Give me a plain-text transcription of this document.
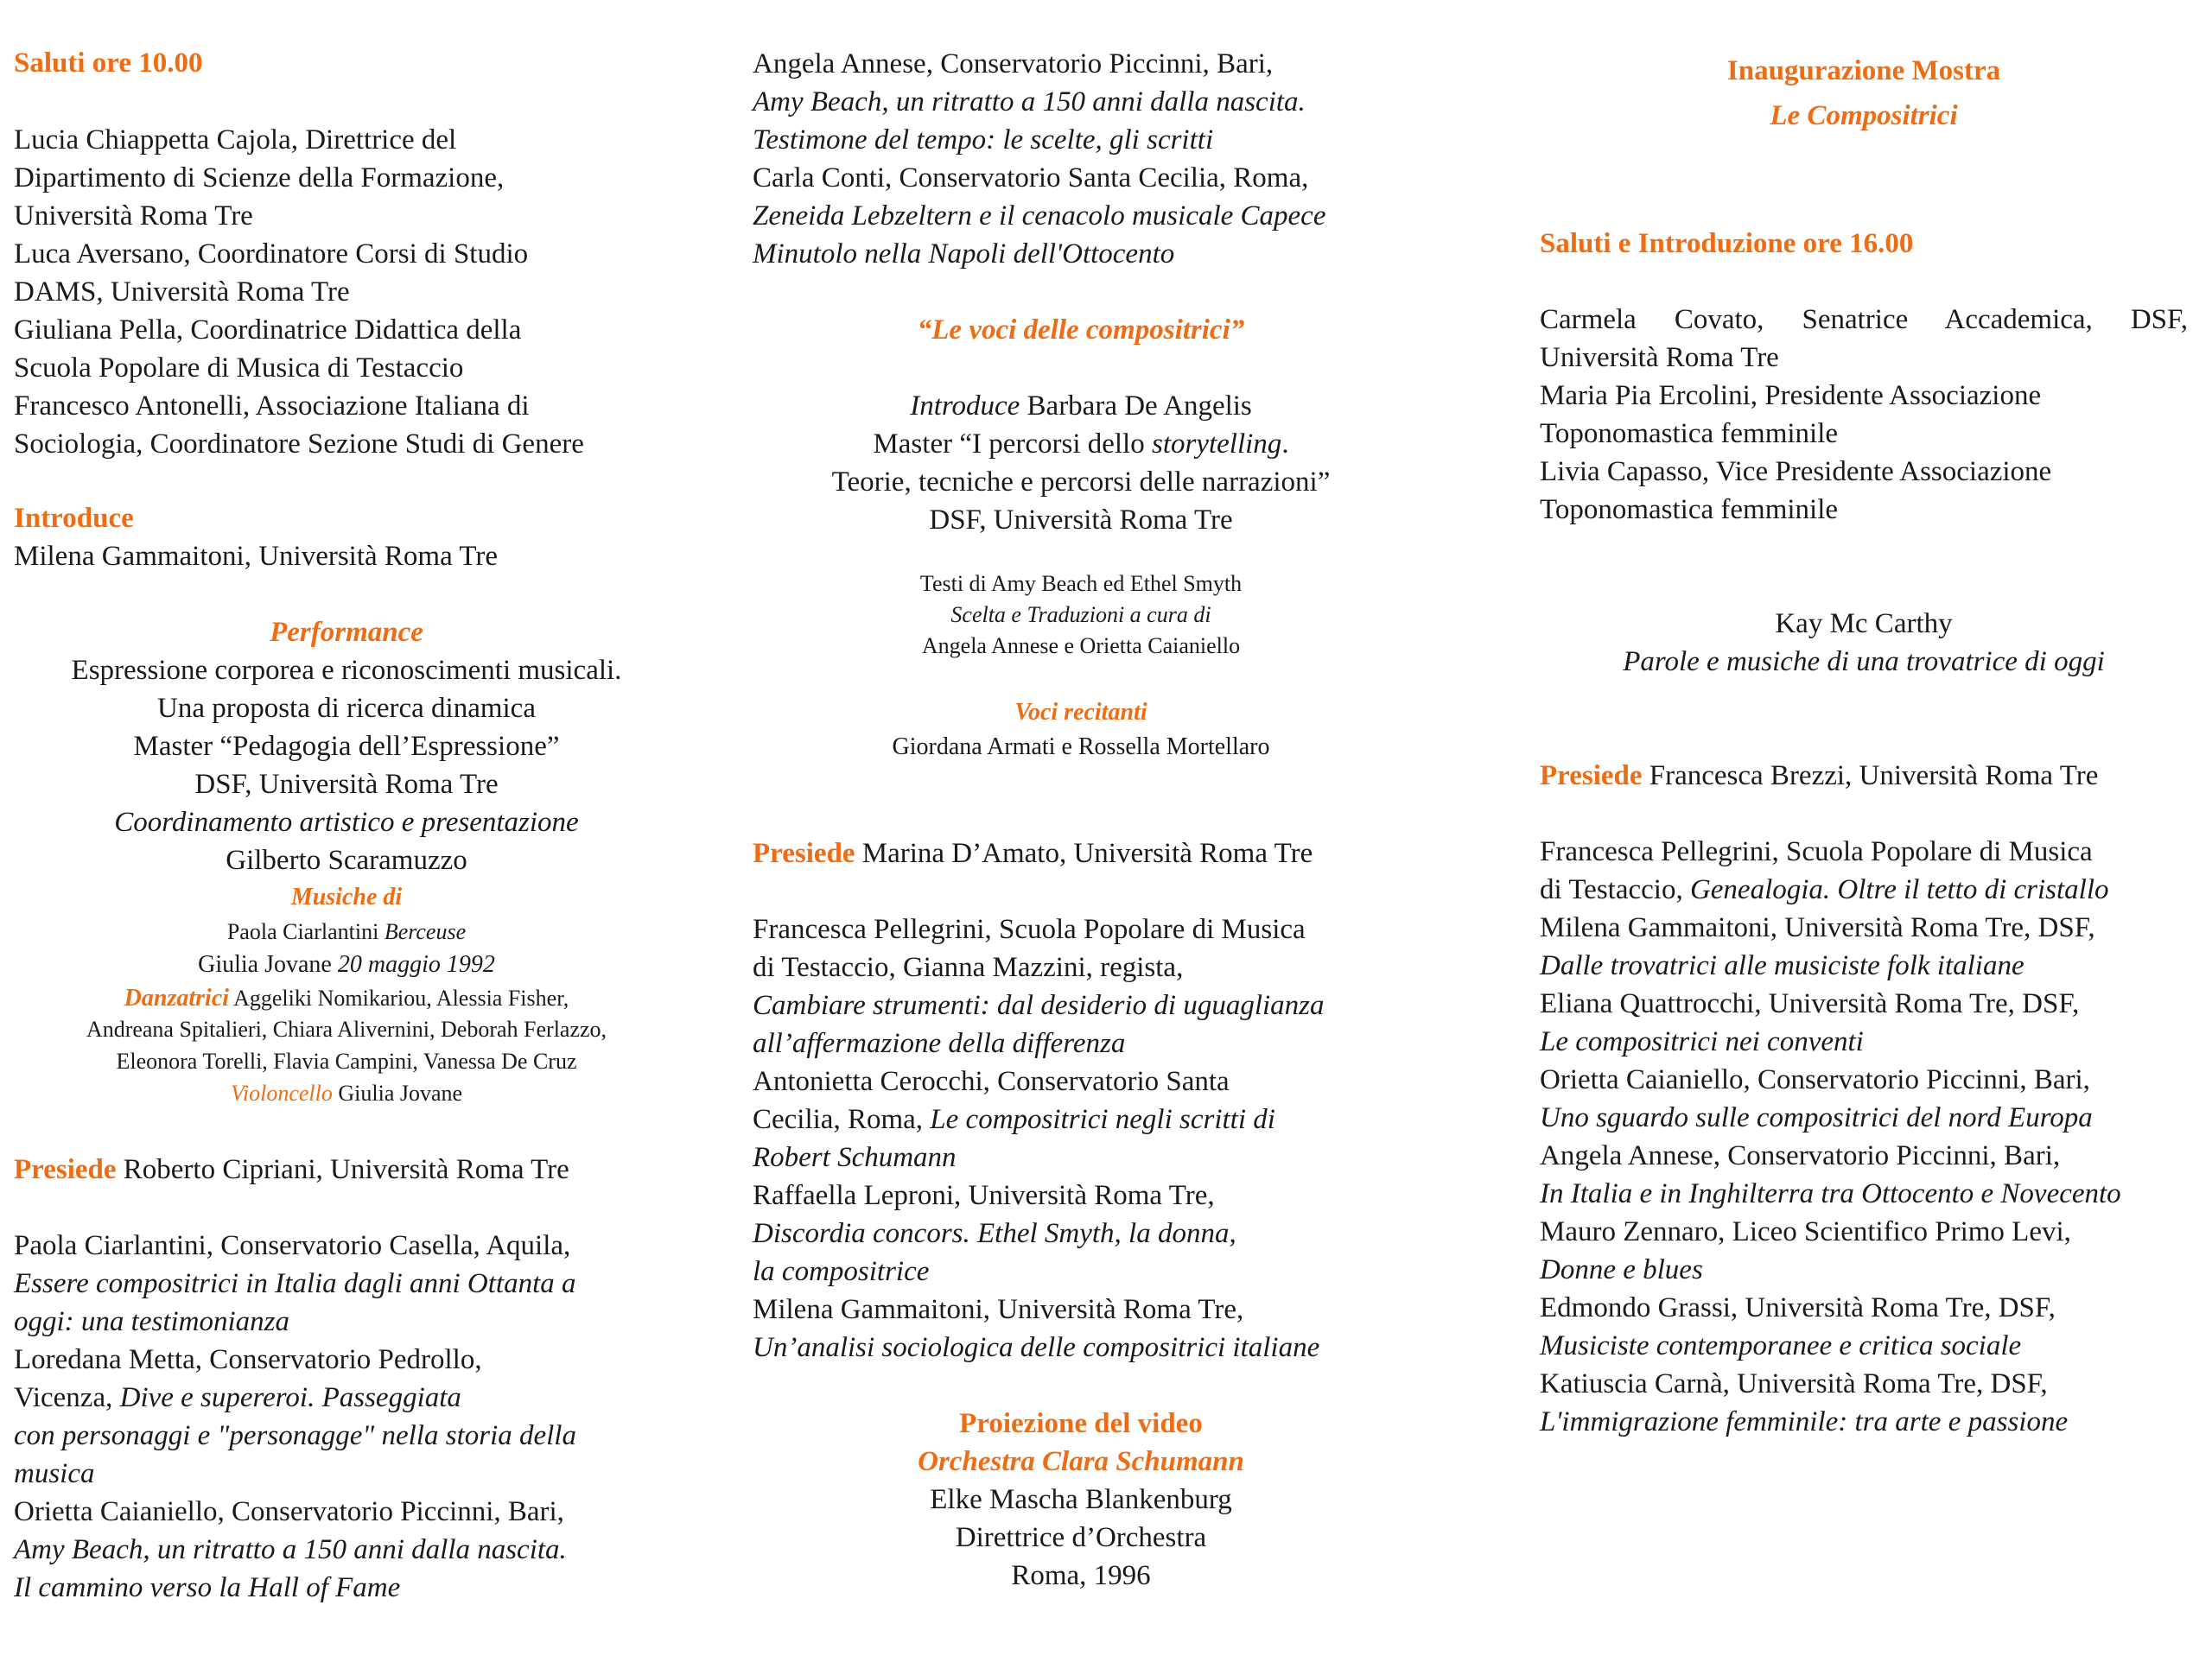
Saluti ore 10.00
Lucia Chiappetta Cajola, Direttrice del
Dipartimento di Scienze della Formazione,
Università Roma Tre
Luca Aversano, Coordinatore Corsi di Studio
DAMS, Università Roma Tre
Giuliana Pella, Coordinatrice Didattica della
Scuola Popolare di Musica di Testaccio
Francesco Antonelli, Associazione Italiana di
Sociologia, Coordinatore Sezione Studi di Genere
Introduce
Milena Gammaitoni, Università Roma Tre
Performance
Espressione corporea e riconoscimenti musicali.
Una proposta di ricerca dinamica
Master “Pedagogia dell’Espressione”
DSF, Università Roma Tre
Coordinamento artistico e presentazione
Gilberto Scaramuzzo
Musiche di
Paola Ciarlantini Berceuse
Giulia Jovane 20 maggio 1992
Danzatrici Aggeliki Nomikariou, Alessia Fisher,
Andreana Spitalieri, Chiara Alivernini, Deborah Ferlazzo,
Eleonora Torelli, Flavia Campini, Vanessa De Cruz
Violoncello Giulia Jovane
Presiede Roberto Cipriani, Università Roma Tre
Paola Ciarlantini, Conservatorio Casella, Aquila,
Essere compositrici in Italia dagli anni Ottanta a
oggi: una testimonianza
Loredana Metta, Conservatorio Pedrollo,
Vicenza, Dive e supereroi. Passeggiata
con personaggi e "personagge" nella storia della
musica
Orietta Caianiello, Conservatorio Piccinni, Bari,
Amy Beach, un ritratto a 150 anni dalla nascita.
Il cammino verso la Hall of Fame
Angela Annese, Conservatorio Piccinni, Bari,
Amy Beach, un ritratto a 150 anni dalla nascita.
Testimone del tempo: le scelte, gli scritti
Carla Conti, Conservatorio Santa Cecilia, Roma,
Zeneida Lebzeltern e il cenacolo musicale Capece
Minutolo nella Napoli dell'Ottocento
“Le voci delle compositrici”
Introduce Barbara De Angelis
Master “I percorsi dello storytelling.
Teorie, tecniche e percorsi delle narrazioni”
DSF, Università Roma Tre
Testi di Amy Beach ed Ethel Smyth
Scelta e Traduzioni a cura di
Angela Annese e Orietta Caianiello
Voci recitanti
Giordana Armati e Rossella Mortellaro
Presiede Marina D’Amato, Università Roma Tre
Francesca Pellegrini, Scuola Popolare di Musica
di Testaccio, Gianna Mazzini, regista,
Cambiare strumenti: dal desiderio di uguaglianza
all’affermazione della differenza
Antonietta Cerocchi, Conservatorio Santa
Cecilia, Roma, Le compositrici negli scritti di
Robert Schumann
Raffaella Leproni, Università Roma Tre,
Discordia concors. Ethel Smyth, la donna,
la compositrice
Milena Gammaitoni, Università Roma Tre,
Un’analisi sociologica delle compositrici italiane
Proiezione del video
Orchestra Clara Schumann
Elke Mascha Blankenburg
Direttrice d’Orchestra
Roma, 1996
Inaugurazione Mostra
Le Compositrici
Saluti e Introduzione ore 16.00
Carmela Covato, Senatrice Accademica, DSF,
Università Roma Tre
Maria Pia Ercolini, Presidente Associazione
Toponomastica femminile
Livia Capasso, Vice Presidente Associazione
Toponomastica femminile
Kay Mc Carthy
Parole e musiche di una trovatrice di oggi
Presiede Francesca Brezzi, Università Roma Tre
Francesca Pellegrini, Scuola Popolare di Musica
di Testaccio, Genealogia. Oltre il tetto di cristallo
Milena Gammaitoni, Università Roma Tre, DSF,
Dalle trovatrici alle musiciste folk italiane
Eliana Quattrocchi, Università Roma Tre, DSF,
Le compositrici nei conventi
Orietta Caianiello, Conservatorio Piccinni, Bari,
Uno sguardo sulle compositrici del nord Europa
Angela Annese, Conservatorio Piccinni, Bari,
In Italia e in Inghilterra tra Ottocento e Novecento
Mauro Zennaro, Liceo Scientifico Primo Levi,
Donne e blues
Edmondo Grassi, Università Roma Tre, DSF,
Musiciste contemporanee e critica sociale
Katiuscia Carnà, Università Roma Tre, DSF,
L'immigrazione femminile: tra arte e passione
